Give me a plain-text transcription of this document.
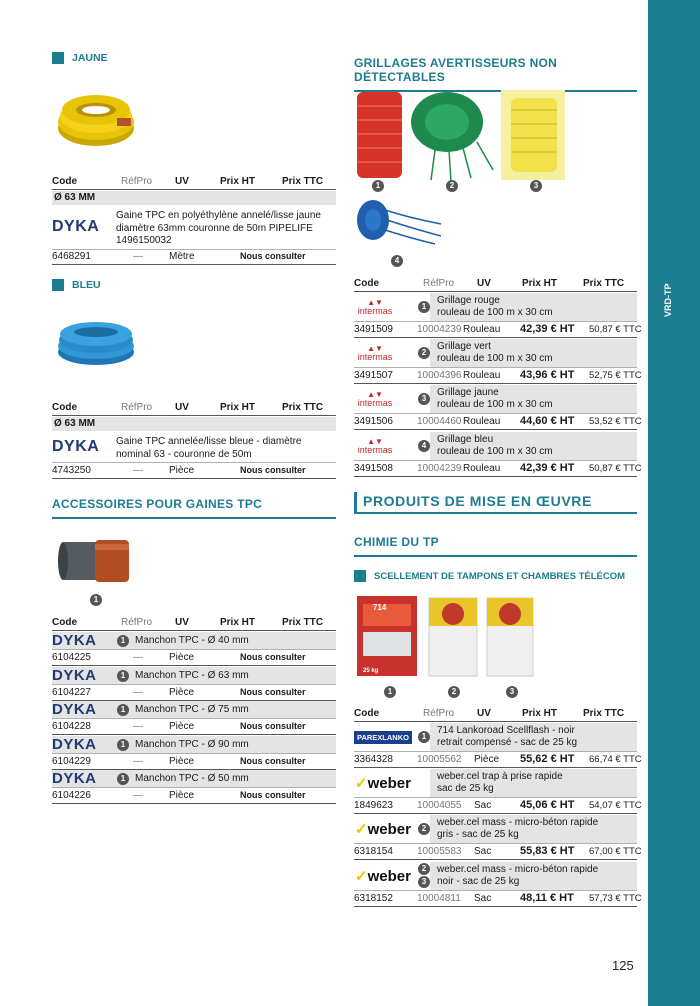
VRD-TP
125
JAUNE
Code	RéfPro UV	Prix HT	Prix TTC
Ø 63 MM
DYKA
Gaine TPC en polyéthylène annelé/lisse jaune diamètre 63mm couronne de 50m PIPELIFE 1496150032
6468291	—	Mètre	Nous consulter
BLEU
Code	RéfPro UV	Prix HT	Prix TTC
Ø 63 MM
DYKA Gaine TPC annelée/lisse bleue - diamètre nominal 63 - couronne de 50m
4743250	—	Pièce	Nous consulter
ACCESSOIRES POUR GAINES TPC
1
Code	RéfPro UV	Prix HT	Prix TTC
DYKA	1 Manchon TPC - Ø 40 mm
6104225	—	Pièce	Nous consulter
DYKA	1 Manchon TPC - Ø 63 mm
6104227	—	Pièce	Nous consulter
DYKA	1 Manchon TPC - Ø 75 mm
6104228	—	Pièce	Nous consulter
DYKA	1 Manchon TPC - Ø 90 mm
6104229	—	Pièce	Nous consulter
DYKA	1 Manchon TPC - Ø 50 mm
6104226	—	Pièce	Nous consulter
GRILLAGES AVERTISSEURS NON DÉTECTABLES
1	2	3
4
Code	RéfPro UV	Prix HT	Prix TTC
▲▼
intermas	1
Grillage rouge
rouleau de 100 m x 30 cm
3491509 10004239 Rouleau 42,39 € HT 50,87 € TTC
▲▼
intermas	2
Grillage vert
rouleau de 100 m x 30 cm
3491507 10004396 Rouleau 43,96 € HT 52,75 € TTC
▲▼
intermas	3
Grillage jaune
rouleau de 100 m x 30 cm
3491506 10004460 Rouleau 44,60 € HT 53,52 € TTC
▲▼
intermas	4
Grillage bleu
rouleau de 100 m x 30 cm
3491508 10004239 Rouleau 42,39 € HT 50,87 € TTC
PRODUITS DE MISE EN ŒUVRE
CHIMIE DU TP
SCELLEMENT DE TAMPONS ET CHAMBRES TÉLÉCOM
714
25 kg
1	2	3
Code	RéfPro UV	Prix HT	Prix TTC
PAREXLANKO	1
714 Lankoroad Scellflash - noir
retrait compensé - sac de 25 kg
3364328 10005562 Pièce 55,62 € HT 66,74 € TTC
✓weber	weber.cel trap à prise rapide
sac de 25 kg
1849623 10004055 Sac	45,06 € HT 54,07 € TTC
✓weber	2
weber.cel mass - micro-béton rapide
gris - sac de 25 kg
6318154 10005583 Sac	55,83 € HT 67,00 € TTC
✓weber	2
3
weber.cel mass - micro-béton rapide
noir - sac de 25 kg
6318152 10004811 Sac	48,11 € HT 57,73 € TTC
